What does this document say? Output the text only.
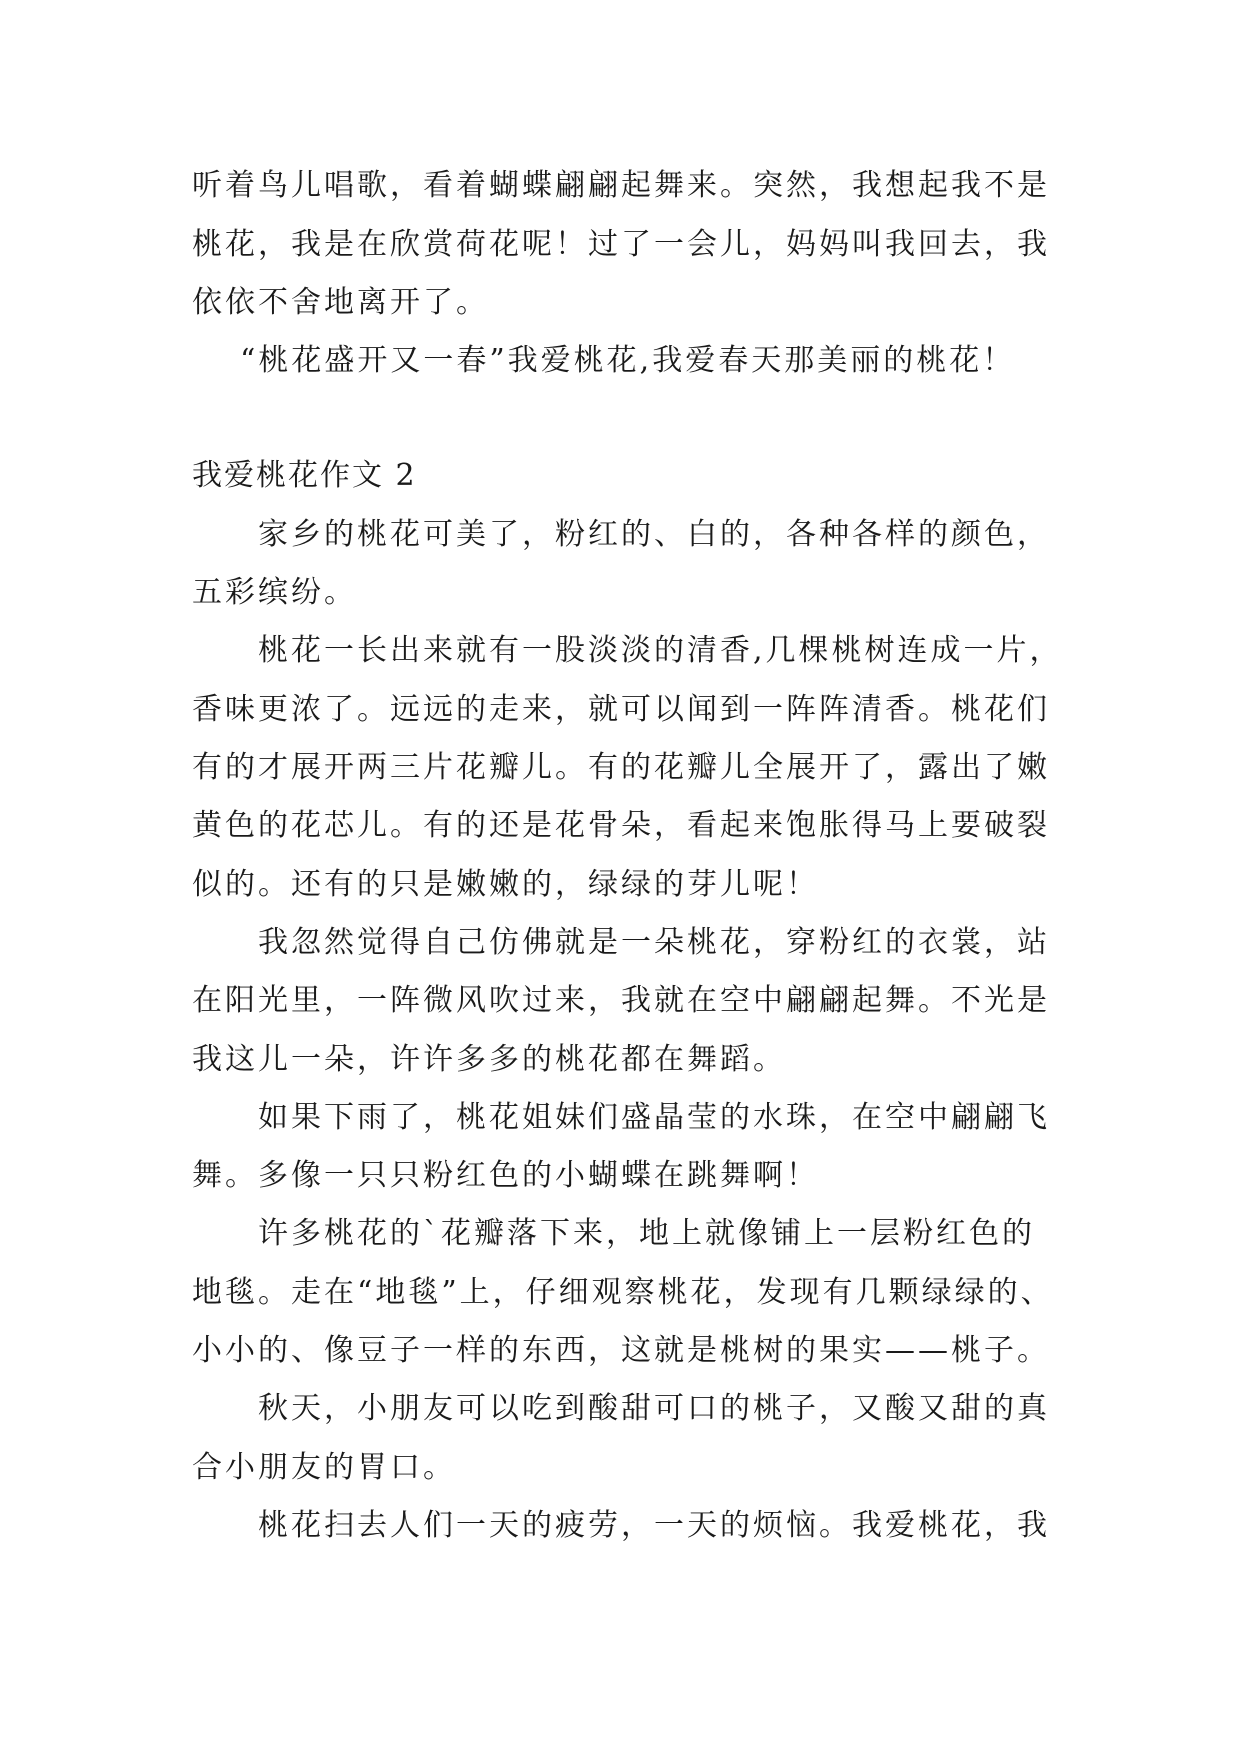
听着鸟儿唱歌，看着蝴蝶翩翩起舞来。突然，我想起我不是
桃花，我是在欣赏荷花呢！过了一会儿，妈妈叫我回去，我
依依不舍地离开了。
“桃花盛开又一春”我爱桃花,我爱春天那美丽的桃花！
我爱桃花作文 2
家乡的桃花可美了，粉红的、白的，各种各样的颜色，
五彩缤纷。
桃花一长出来就有一股淡淡的清香,几棵桃树连成一片，
香味更浓了。远远的走来，就可以闻到一阵阵清香。桃花们
有的才展开两三片花瓣儿。有的花瓣儿全展开了，露出了嫩
黄色的花芯儿。有的还是花骨朵，看起来饱胀得马上要破裂
似的。还有的只是嫩嫩的，绿绿的芽儿呢！
我忽然觉得自己仿佛就是一朵桃花，穿粉红的衣裳，站
在阳光里，一阵微风吹过来，我就在空中翩翩起舞。不光是
我这儿一朵，许许多多的桃花都在舞蹈。
如果下雨了，桃花姐妹们盛晶莹的水珠，在空中翩翩飞
舞。多像一只只粉红色的小蝴蝶在跳舞啊！
许多桃花的`花瓣落下来，地上就像铺上一层粉红色的
地毯。走在“地毯”上，仔细观察桃花，发现有几颗绿绿的、
小小的、像豆子一样的东西，这就是桃树的果实——桃子。
秋天，小朋友可以吃到酸甜可口的桃子，又酸又甜的真
合小朋友的胃口。
桃花扫去人们一天的疲劳，一天的烦恼。我爱桃花，我
